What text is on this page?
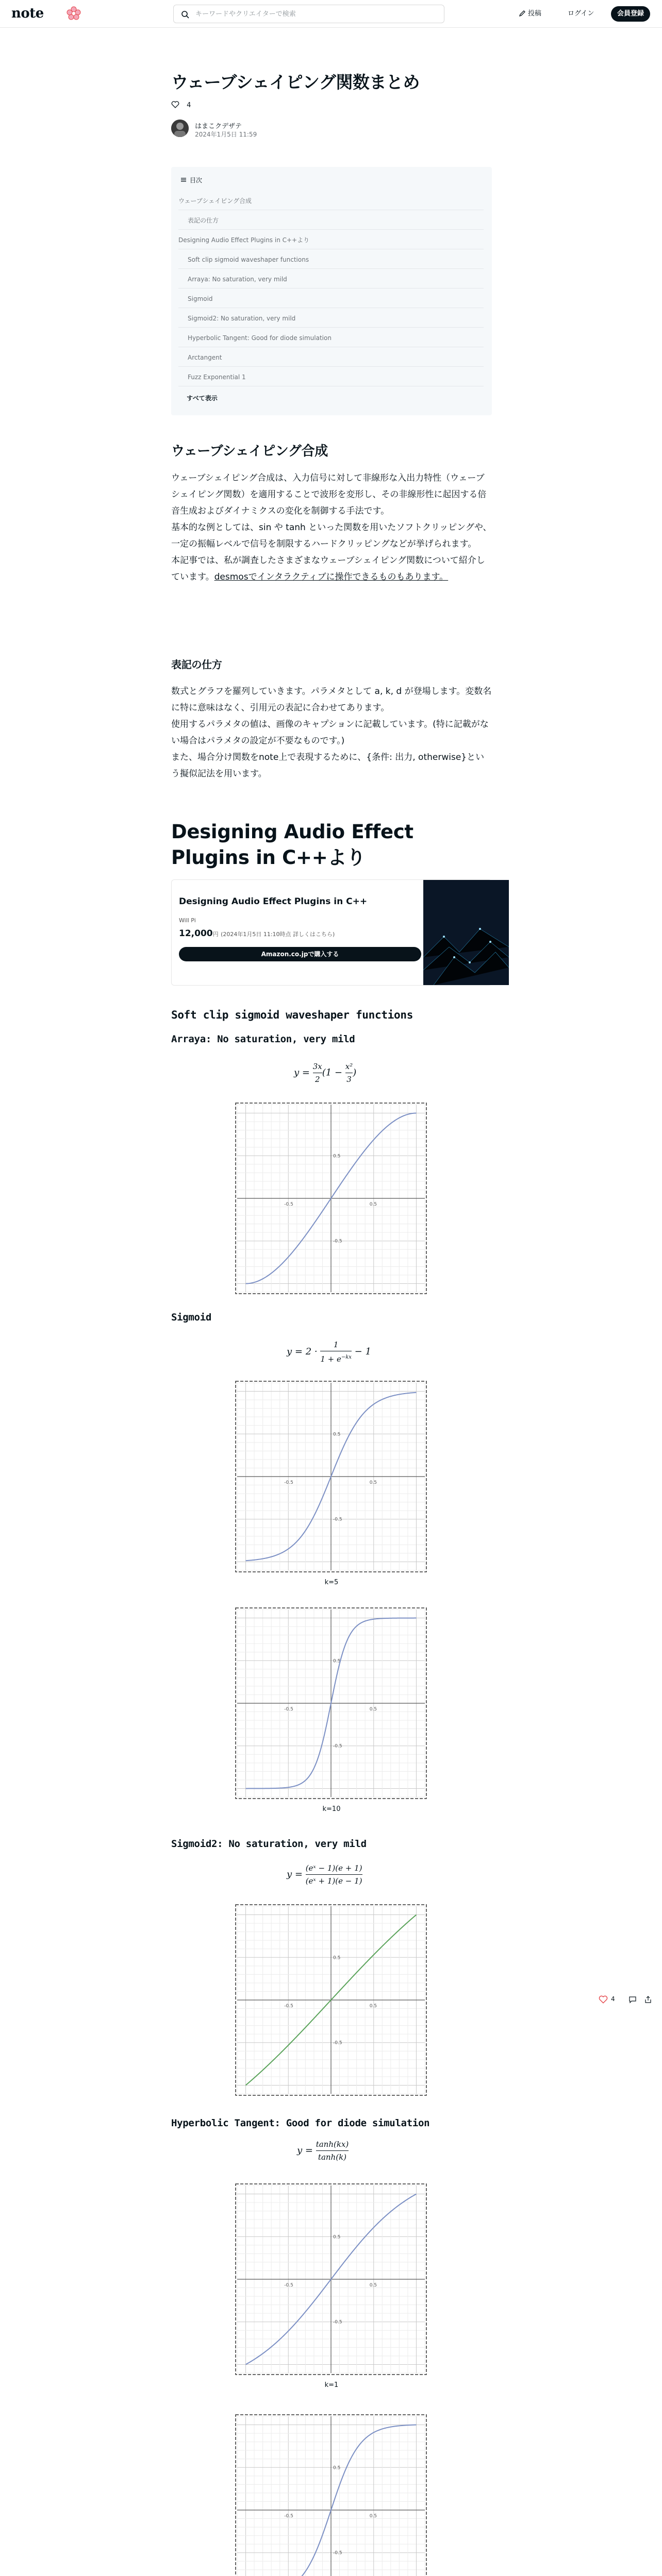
note	キーワードやクリエイターで検索	投稿	ログイン	会員登録
ウェーブシェイピング関数まとめ
4
はまこクデザテ
2024年1月5日 11:59
目次
ウェーブシェイピング合成
表記の仕方
Designing Audio Effect Plugins in C++より
Soft clip sigmoid waveshaper functions
Arraya: No saturation, very mild
Sigmoid
Sigmoid2: No saturation, very mild
Hyperbolic Tangent: Good for diode simulation
Arctangent
Fuzz Exponential 1
すべて表示
ウェーブシェイピング合成
ウェーブシェイピング合成は、入力信号に対して非線形な入出力特性（ウェーブシェイピング関数）を適用することで波形を変形し、その非線形性に起因する倍音生成およびダイナミクスの変化を制御する手法です。
基本的な例としては、sin や tanh といった関数を用いたソフトクリッピングや、一定の振幅レベルで信号を制限するハードクリッピングなどが挙げられます。
本記事では、私が調査したさまざまなウェーブシェイピング関数について紹介しています。desmosでインタラクティブに操作できるものもあります。
表記の仕方
数式とグラフを羅列していきます。パラメタとして a, k, d が登場します。変数名に特に意味はなく、引用元の表記に合わせてあります。
使用するパラメタの値は、画像のキャプションに記載しています。(特に記載がない場合はパラメタの設定が不要なものです。)
また、場合分け関数をnote上で表現するために、{条件: 出力, otherwise}という擬似記法を用います。
Designing Audio Effect Plugins in C++より
Designing Audio Effect Plugins in C++
Will Pi
12,000円 (2024年1月5日 11:10時点 詳しくはこちら)
Amazon.co.jpで購入する
Soft clip sigmoid waveshaper functions
Arraya: No saturation, very mild
$y = \frac{3x}{2} (1 - \frac{\text{x²}}{3}$ )
-0.5
-0.5
0.5
0.5
Sigmoid
$y = 2 \cdot \frac{1}{1 + e^{-kx}} - 1$
-0.5
-0.5
0.5
0.5
k=5
-0.5
-0.5
0.5
0.5
k=10
Sigmoid2: No saturation, very mild
$y = \frac{\text{(eˣ − 1)(e + 1)}}{\text{(eˣ + 1)(e − 1)}}$
-0.5
-0.5
0.5
0.5
Hyperbolic Tangent: Good for diode simulation
$y = \frac{\tanh(kx)}{\tanh(k)}$
-0.5
-0.5
0.5
0.5
k=1
-0.5
-0.5
0.5
0.5
4
